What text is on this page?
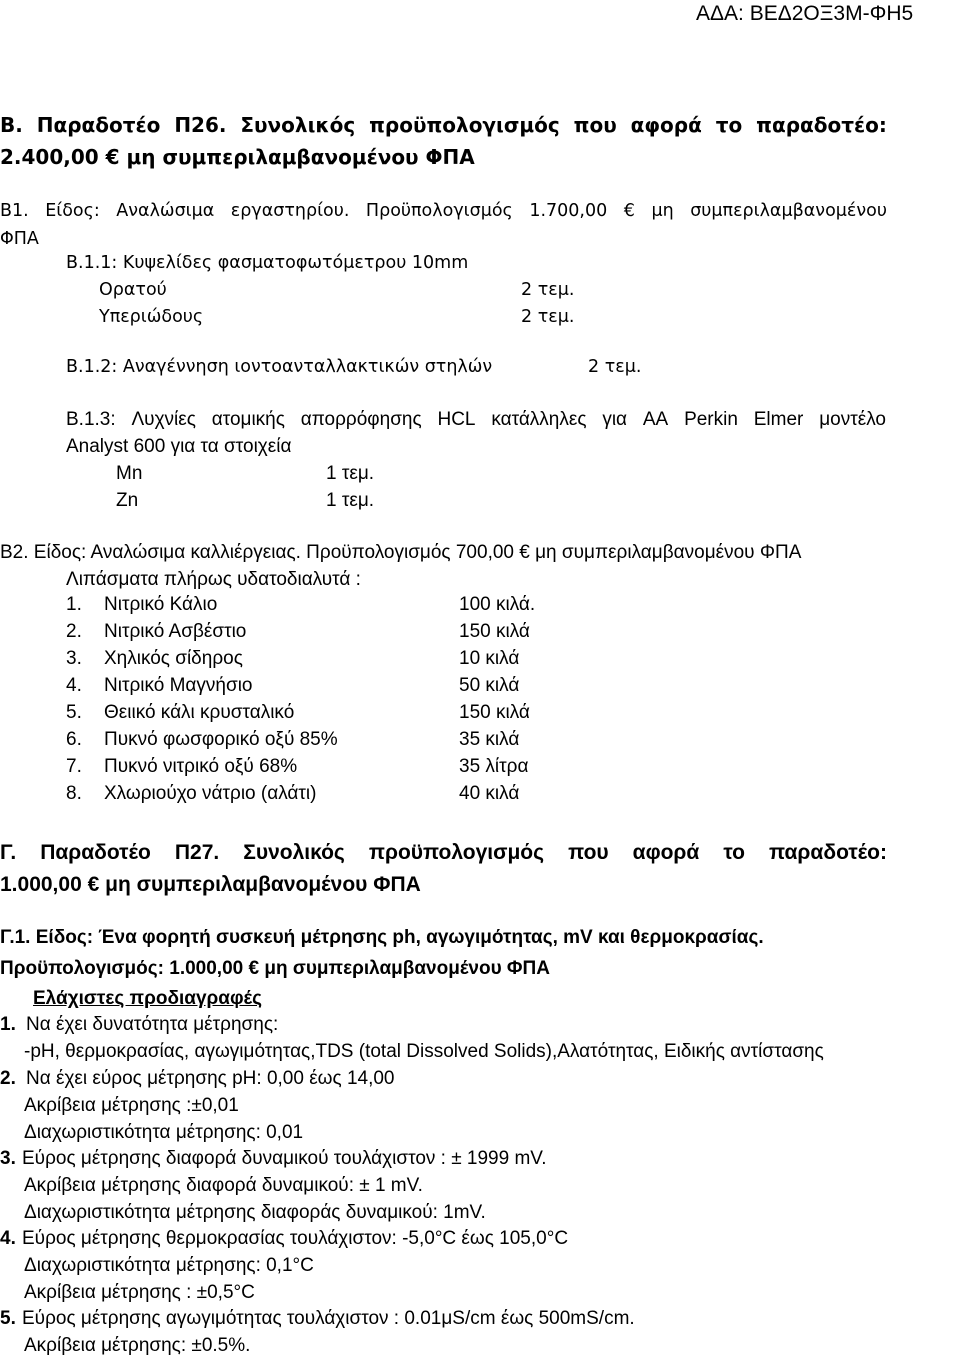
ΑΔΑ: ΒΕΔ2ΟΞ3Μ-ΦΗ5
Β. Παραδοτέο Π26. Συνολικός προϋπολογισμός που αφορά το παραδοτέο:
2.400,00 € μη συμπεριλαμβανομένου ΦΠΑ
Β1. Είδος: Αναλώσιμα εργαστηρίου. Προϋπολογισμός 1.700,00 € μη συμπεριλαμβανομένου
ΦΠΑ
Β.1.1: Κυψελίδες φασματοφωτόμετρου 10mm
Ορατού	2 τεμ.
Υπεριώδους	2 τεμ.
Β.1.2: Αναγέννηση ιοντοανταλλακτικών στηλών	2 τεμ.
Β.1.3: Λυχνίες ατομικής απορρόφησης HCL κατάλληλες για AA Perkin Elmer μοντέλο
Analyst 600 για τα στοιχεία
Mn	1 τεμ.
Zn	1 τεμ.
Β2. Είδος: Αναλώσιμα καλλιέργειας. Προϋπολογισμός 700,00 € μη συμπεριλαμβανομένου ΦΠΑ
Λιπάσματα πλήρως υδατοδιαλυτά :
1. Νιτρικό Κάλιο	100 κιλά.
2. Νιτρικό Ασβέστιο	150 κιλά
3. Χηλικός σίδηρος	10 κιλά
4. Νιτρικό Μαγνήσιο	50 κιλά
5. Θειικό κάλι κρυσταλικό	150 κιλά
6. Πυκνό φωσφορικό οξύ 85%	35 κιλά
7. Πυκνό νιτρικό οξύ 68%	35 λίτρα
8. Χλωριούχο νάτριο (αλάτι)	40 κιλά
Γ. Παραδοτέο Π27. Συνολικός προϋπολογισμός που αφορά το παραδοτέο:
1.000,00 € μη συμπεριλαμβανομένου ΦΠΑ
Γ.1. Είδος: Ένα φορητή συσκευή μέτρησης ph, αγωγιμότητας, mV και θερμοκρασίας.
Προϋπολογισμός: 1.000,00 € μη συμπεριλαμβανομένου ΦΠΑ
Ελάχιστες προδιαγραφές
1. Να έχει δυνατότητα μέτρησης:
-pH, θερμοκρασίας, αγωγιμότητας,TDS (total Dissolved Solids),Αλατότητας, Ειδικής αντίστασης
2. Να έχει εύρος μέτρησης pH: 0,00 έως 14,00
Ακρίβεια μέτρησης :±0,01
Διαχωριστικότητα μέτρησης: 0,01
3. Εύρος μέτρησης διαφορά δυναμικού τουλάχιστον : ± 1999 mV.
Ακρίβεια μέτρησης διαφορά δυναμικού: ± 1 mV.
Διαχωριστικότητα μέτρησης διαφοράς δυναμικού: 1mV.
4. Εύρος μέτρησης θερμοκρασίας τουλάχιστον: -5,0°C έως 105,0°C
Διαχωριστικότητα μέτρησης: 0,1°C
Ακρίβεια μέτρησης : ±0,5°C
5. Εύρος μέτρησης αγωγιμότητας τουλάχιστον : 0.01μS/cm έως 500mS/cm.
Ακρίβεια μέτρησης: ±0.5%.
